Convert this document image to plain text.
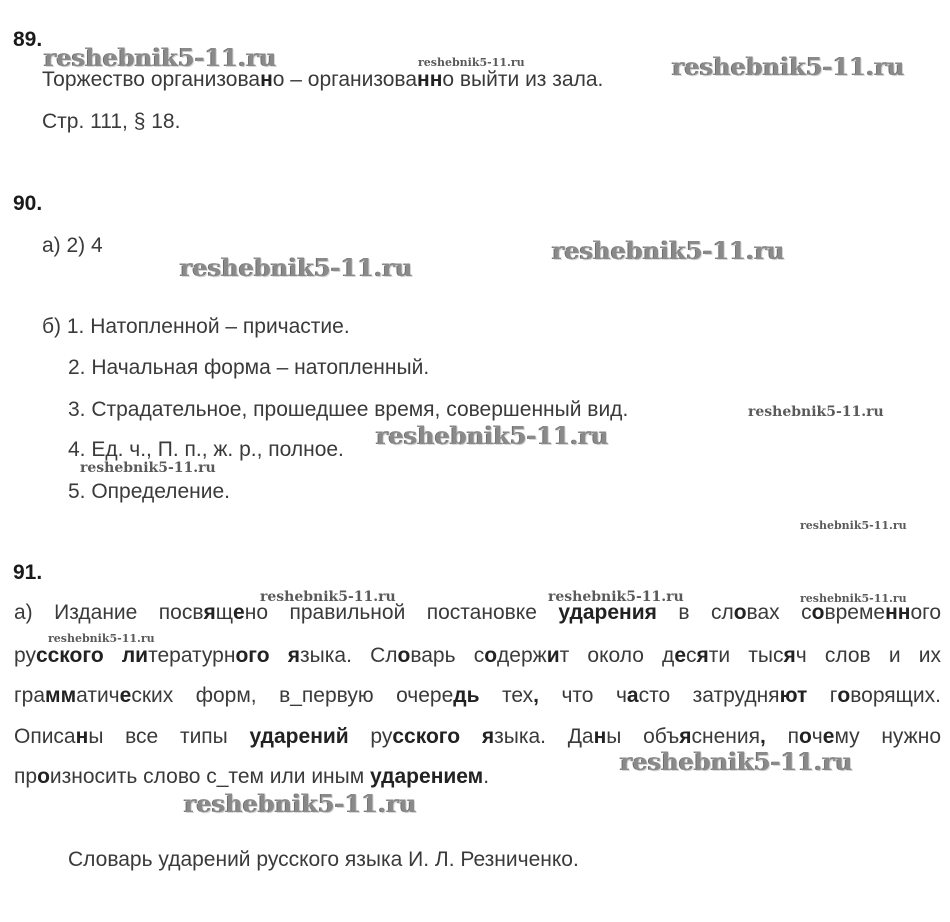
89.
Торжество организовано – организованно выйти из зала.
Стр. 111, § 18.
90.
а) 2) 4
б) 1. Натопленной – причастие.
2. Начальная форма – натопленный.
3. Страдательное, прошедшее время, совершенный вид.
4. Ед. ч., П. п., ж. р., полное.
5. Определение.
91.
а) Издание посвящено правильной постановке ударения в словах современного
русского литературного языка. Словарь содержит около десяти тысяч слов и их
грамматических форм, в_первую очередь тех, что часто затрудняют говорящих.
Описаны все типы ударений русского языка. Даны объяснения, почему нужно
произносить слово с_тем или иным ударением.
Словарь ударений русского языка И. Л. Резниченко.
reshebnik5-11.ru	reshebnik5-11.ru	reshebnik5-11.ru
reshebnik5-11.ru
reshebnik5-11.ru
reshebnik5-11.ru
reshebnik5-11.ru
reshebnik5-11.ru
reshebnik5-11.ru
reshebnik5-11.ru	reshebnik5-11.ru	reshebnik5-11.ru
reshebnik5-11.ru
reshebnik5-11.ru
reshebnik5-11.ru
